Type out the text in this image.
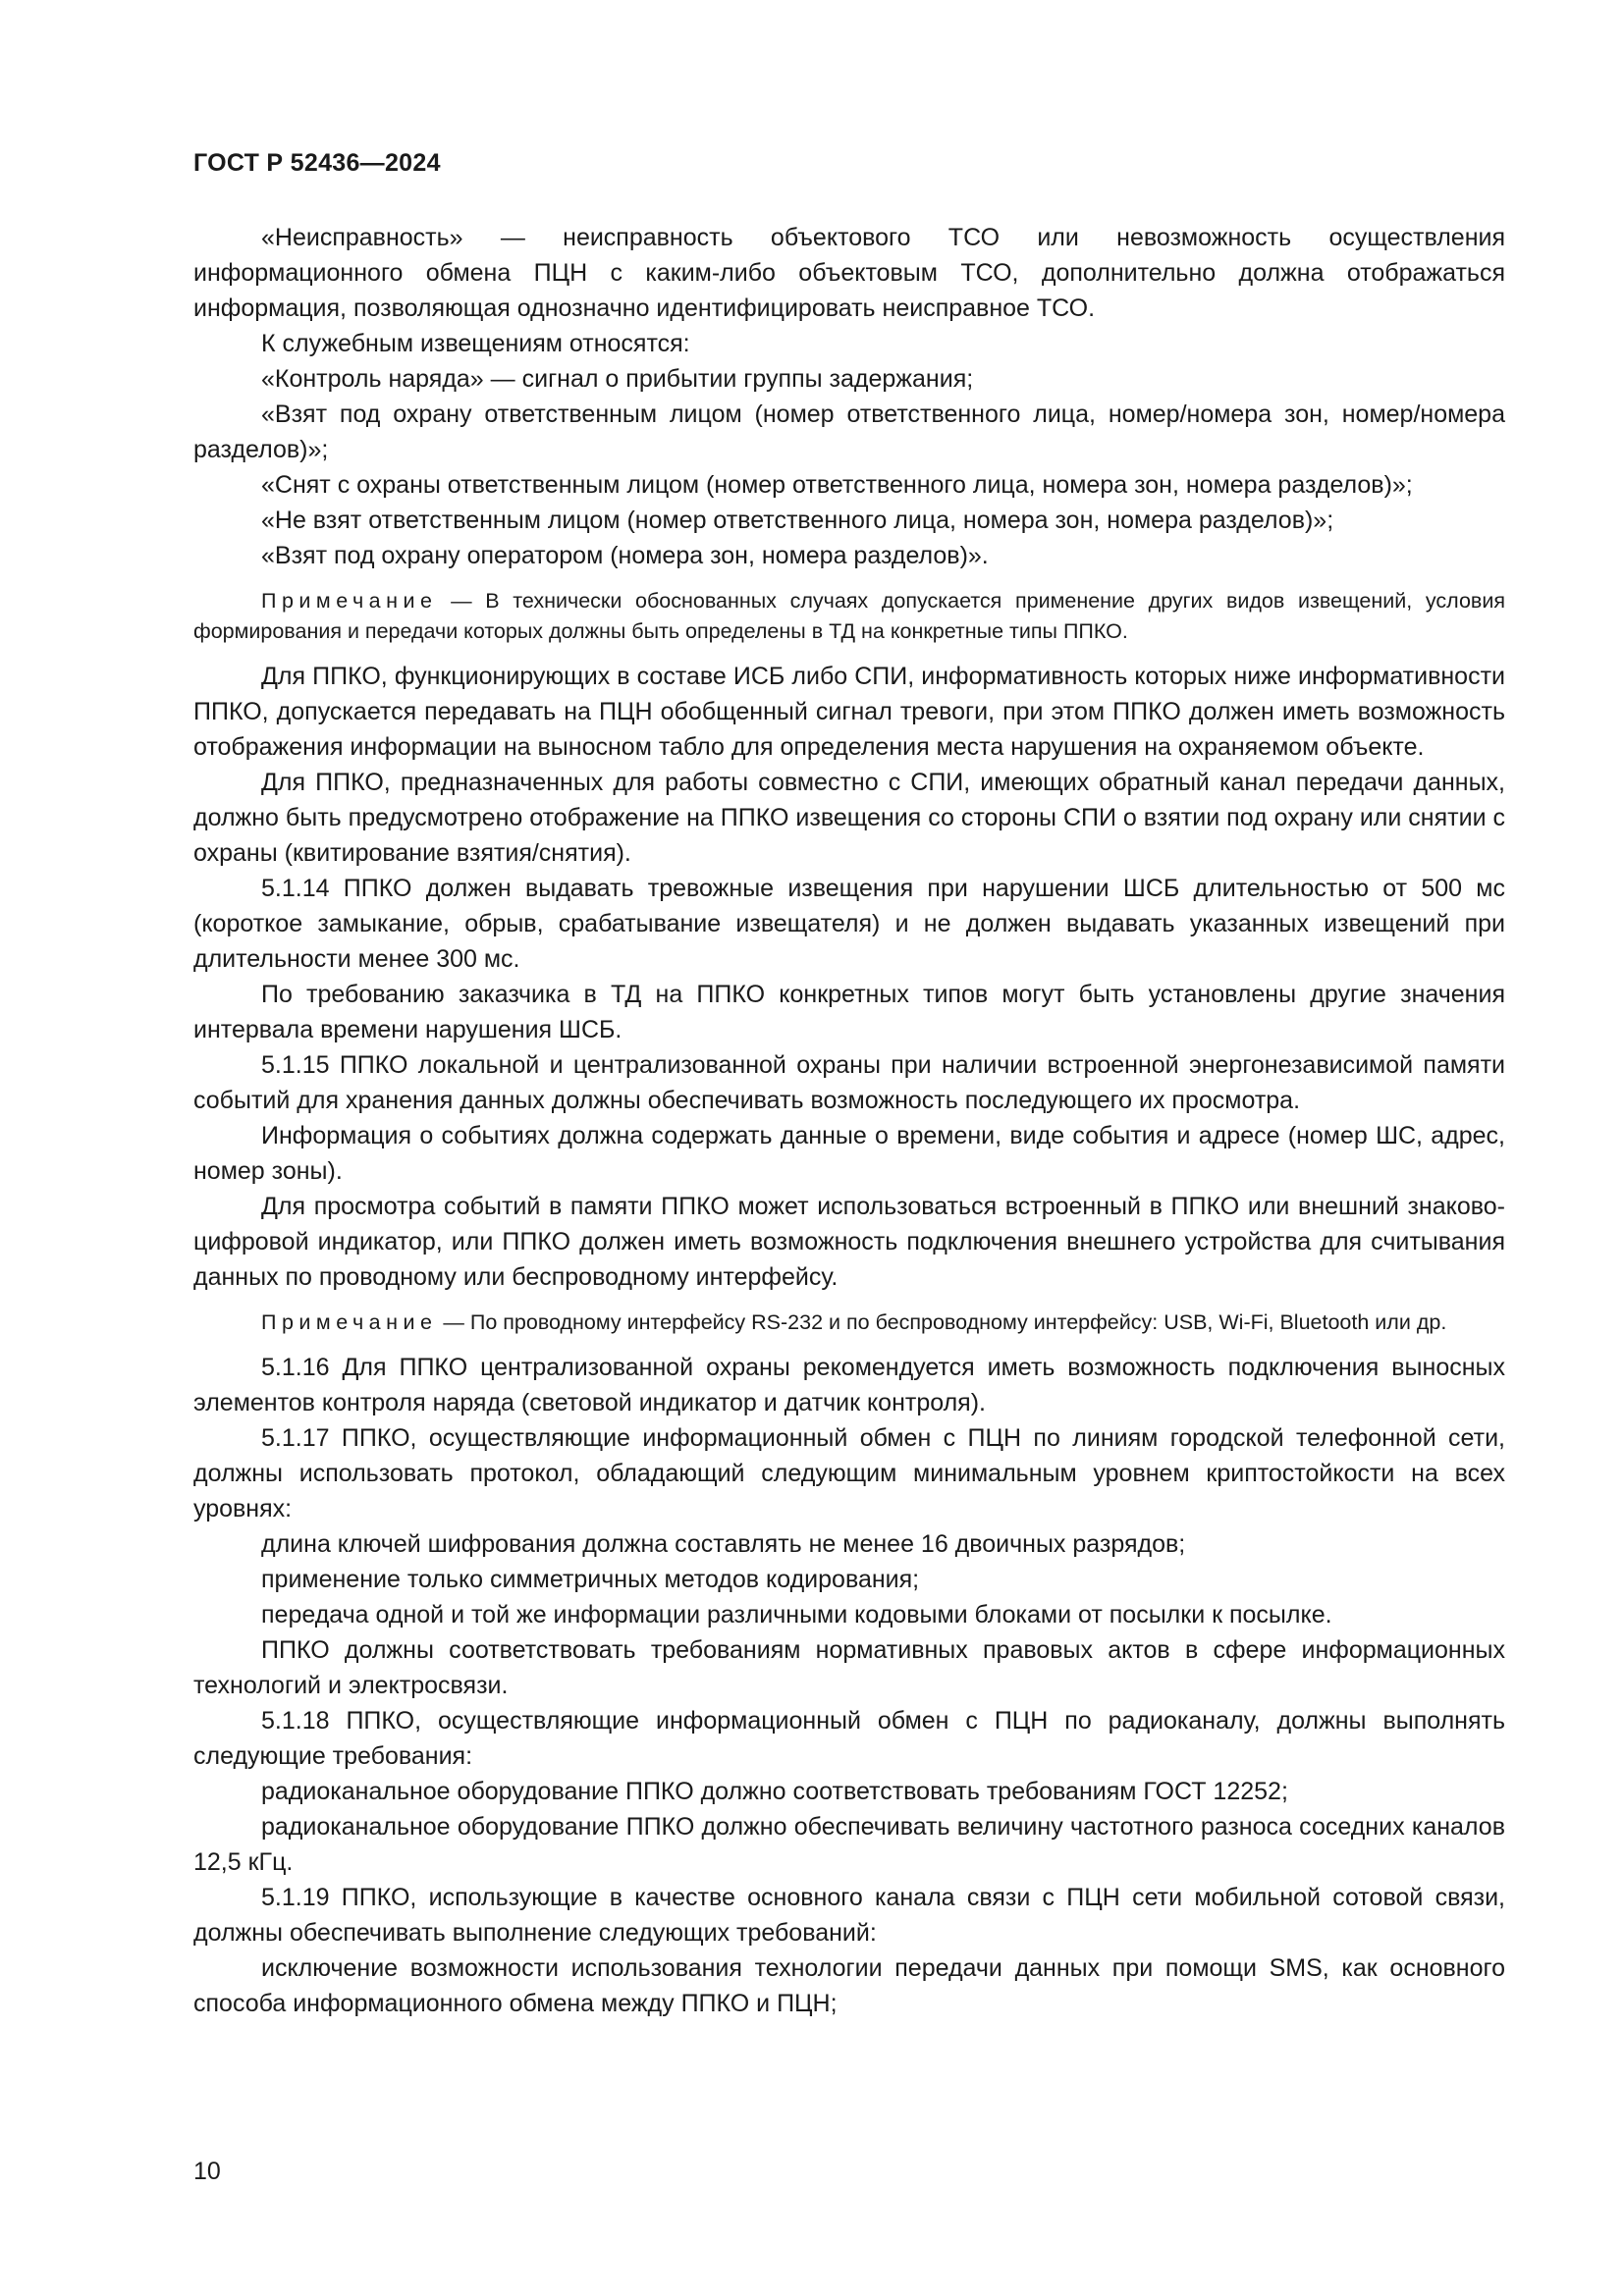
ГОСТ Р 52436—2024

«Неисправность» — неисправность объектового ТСО или невозможность осуществления информационного обмена ПЦН с каким-либо объектовым ТСО, дополнительно должна отображаться информация, позволяющая однозначно идентифицировать неисправное ТСО.

К служебным извещениям относятся:

«Контроль наряда» — сигнал о прибытии группы задержания;

«Взят под охрану ответственным лицом (номер ответственного лица, номер/номера зон, номер/номера разделов)»;

«Снят с охраны ответственным лицом (номер ответственного лица, номера зон, номера разделов)»;

«Не взят ответственным лицом (номер ответственного лица, номера зон, номера разделов)»;

«Взят под охрану оператором (номера зон, номера разделов)».

Примечание — В технически обоснованных случаях допускается применение других видов извещений, условия формирования и передачи которых должны быть определены в ТД на конкретные типы ППКО.

Для ППКО, функционирующих в составе ИСБ либо СПИ, информативность которых ниже информативности ППКО, допускается передавать на ПЦН обобщенный сигнал тревоги, при этом ППКО должен иметь возможность отображения информации на выносном табло для определения места нарушения на охраняемом объекте.

Для ППКО, предназначенных для работы совместно с СПИ, имеющих обратный канал передачи данных, должно быть предусмотрено отображение на ППКО извещения со стороны СПИ о взятии под охрану или снятии с охраны (квитирование взятия/снятия).

5.1.14 ППКО должен выдавать тревожные извещения при нарушении ШСБ длительностью от 500 мс (короткое замыкание, обрыв, срабатывание извещателя) и не должен выдавать указанных извещений при длительности менее 300 мс.

По требованию заказчика в ТД на ППКО конкретных типов могут быть установлены другие значения интервала времени нарушения ШСБ.

5.1.15 ППКО локальной и централизованной охраны при наличии встроенной энергонезависимой памяти событий для хранения данных должны обеспечивать возможность последующего их просмотра.

Информация о событиях должна содержать данные о времени, виде события и адресе (номер ШС, адрес, номер зоны).

Для просмотра событий в памяти ППКО может использоваться встроенный в ППКО или внешний знаково-цифровой индикатор, или ППКО должен иметь возможность подключения внешнего устройства для считывания данных по проводному или беспроводному интерфейсу.

Примечание — По проводному интерфейсу RS-232 и по беспроводному интерфейсу: USB, Wi-Fi, Bluetooth или др.

5.1.16 Для ППКО централизованной охраны рекомендуется иметь возможность подключения выносных элементов контроля наряда (световой индикатор и датчик контроля).

5.1.17 ППКО, осуществляющие информационный обмен с ПЦН по линиям городской телефонной сети, должны использовать протокол, обладающий следующим минимальным уровнем криптостойкости на всех уровнях:

длина ключей шифрования должна составлять не менее 16 двоичных разрядов;

применение только симметричных методов кодирования;

передача одной и той же информации различными кодовыми блоками от посылки к посылке.

ППКО должны соответствовать требованиям нормативных правовых актов в сфере информационных технологий и электросвязи.

5.1.18 ППКО, осуществляющие информационный обмен с ПЦН по радиоканалу, должны выполнять следующие требования:

радиоканальное оборудование ППКО должно соответствовать требованиям ГОСТ 12252;

радиоканальное оборудование ППКО должно обеспечивать величину частотного разноса соседних каналов 12,5 кГц.

5.1.19 ППКО, использующие в качестве основного канала связи с ПЦН сети мобильной сотовой связи, должны обеспечивать выполнение следующих требований:

исключение возможности использования технологии передачи данных при помощи SMS, как основного способа информационного обмена между ППКО и ПЦН;

10
